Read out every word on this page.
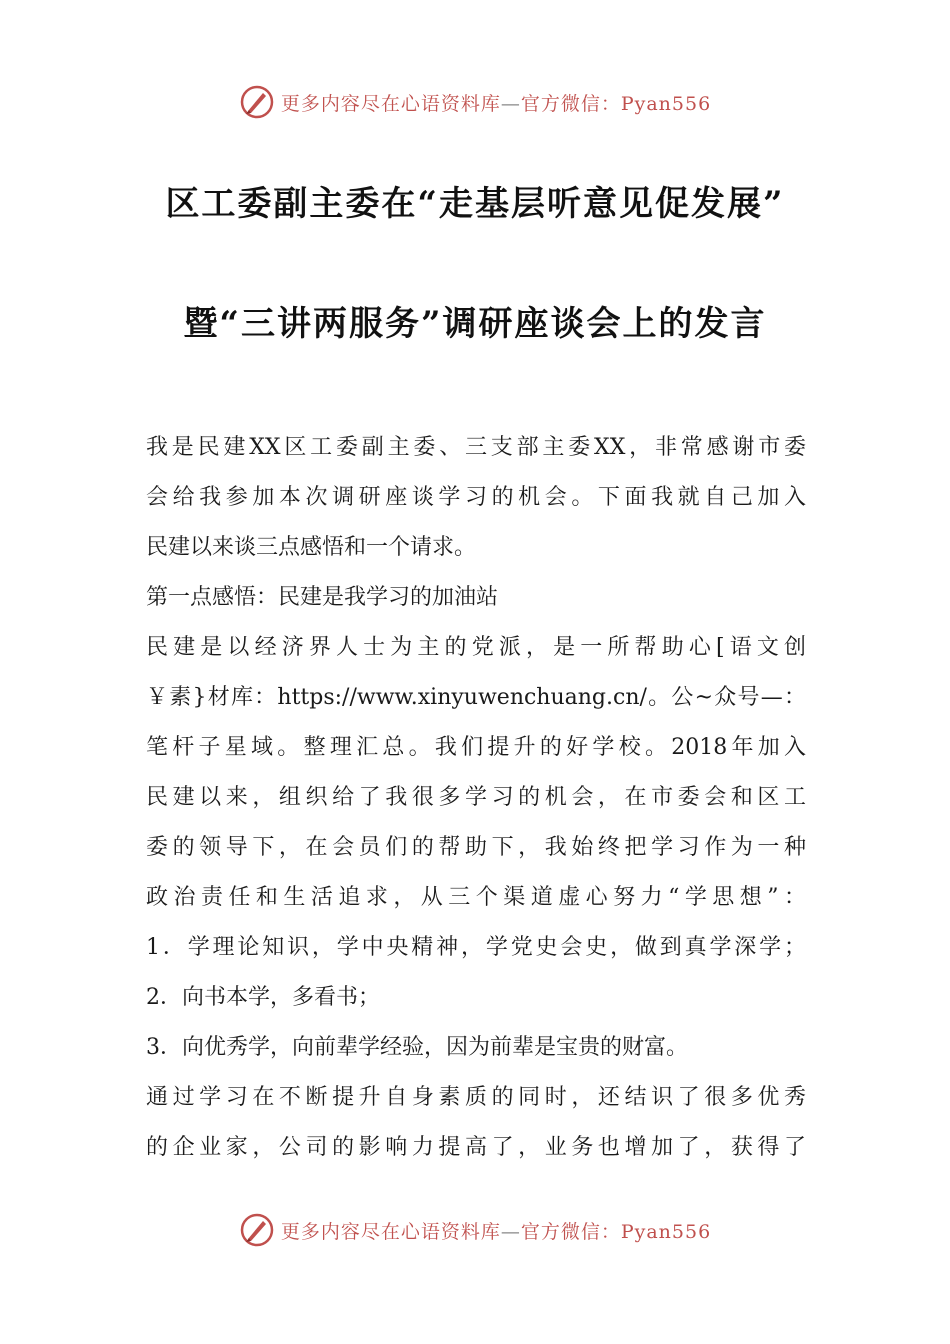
更多内容尽在心语资料库—官方微信：Pyan556
区工委副主委在“走基层听意见促发展”
暨“三讲两服务”调研座谈会上的发言
我是民建XX区工委副主委、三支部主委XX，非常感谢市委
会给我参加本次调研座谈学习的机会。下面我就自己加入
民建以来谈三点感悟和一个请求。
第一点感悟：民建是我学习的加油站
民建是以经济界人士为主的党派，是一所帮助心[语文创
￥素}材库：https://www.xinyuwenchuang.cn/。公~众号—：
笔杆子星域。整理汇总。我们提升的好学校。2018年加入
民建以来，组织给了我很多学习的机会，在市委会和区工
委的领导下，在会员们的帮助下，我始终把学习作为一种
政治责任和生活追求，从三个渠道虚心努力“学思想”：
1．学理论知识，学中央精神，学党史会史，做到真学深学；
2．向书本学，多看书；
3．向优秀学，向前辈学经验，因为前辈是宝贵的财富。
通过学习在不断提升自身素质的同时，还结识了很多优秀
的企业家，公司的影响力提高了，业务也增加了，获得了
更多内容尽在心语资料库—官方微信：Pyan556
